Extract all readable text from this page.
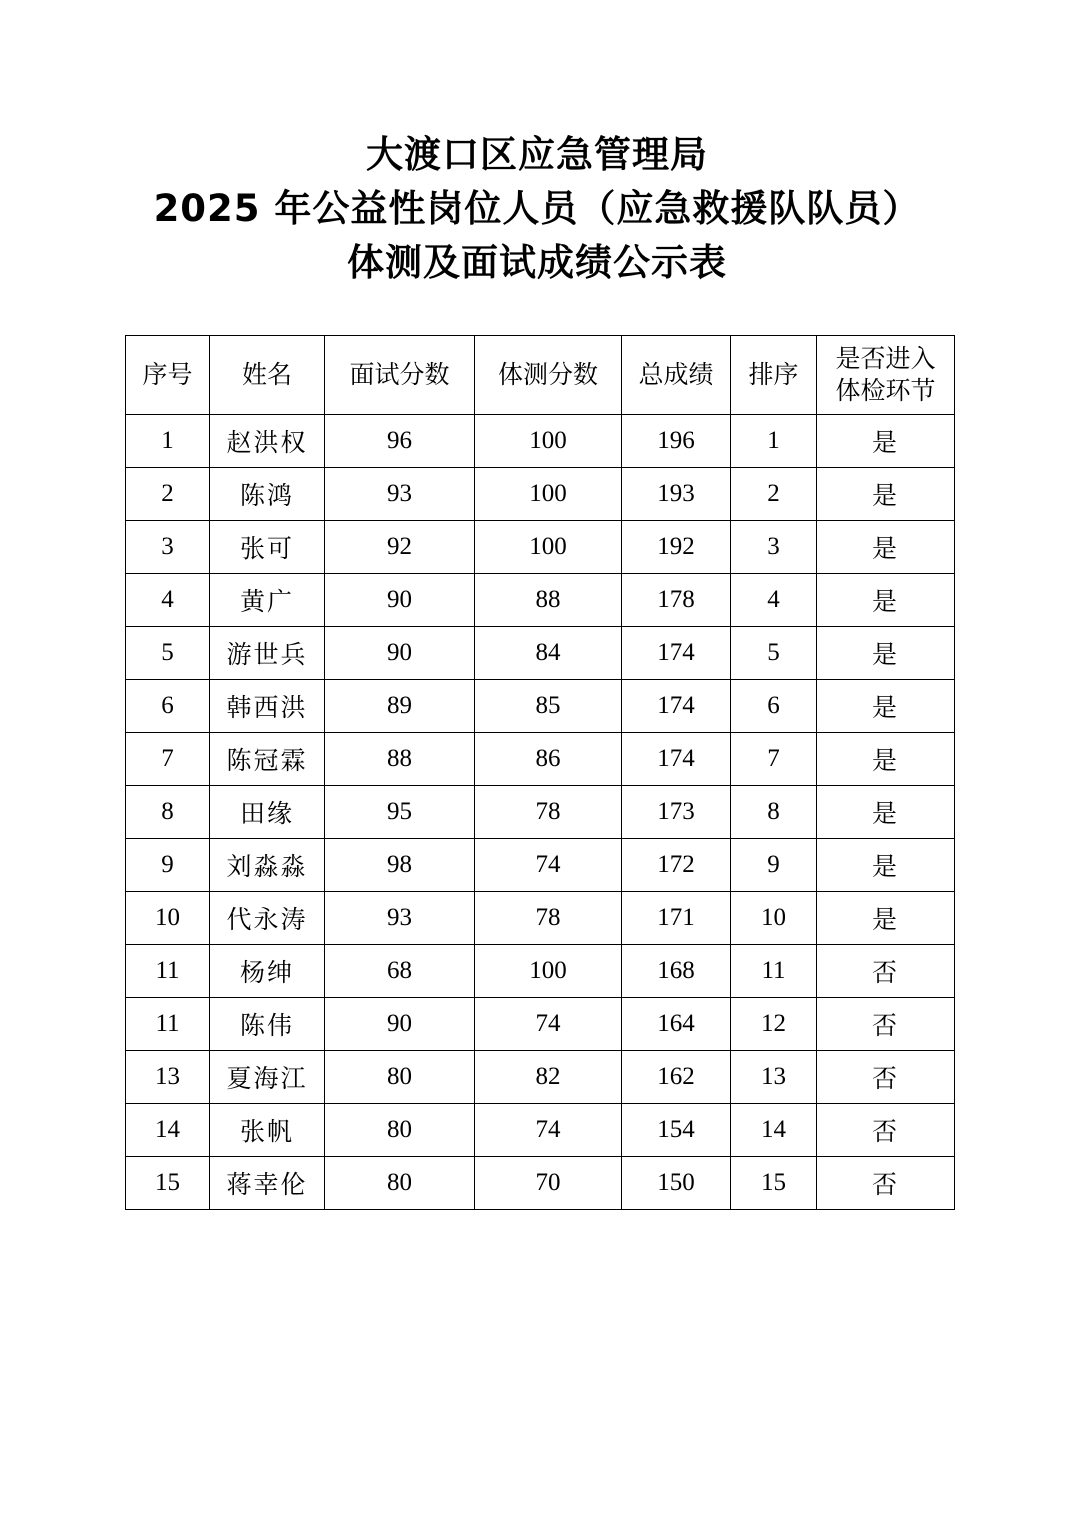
大渡口区应急管理局
2025 年公益性岗位人员（应急救援队队员）
体测及面试成绩公示表
序号	姓名	面试分数	体测分数	总成绩	排序	是否进入
体检环节
1	赵洪权	96	100	196	1	是
2	陈鸿	93	100	193	2	是
3	张可	92	100	192	3	是
4	黄广	90	88	178	4	是
5	游世兵	90	84	174	5	是
6	韩西洪	89	85	174	6	是
7	陈冠霖	88	86	174	7	是
8	田缘	95	78	173	8	是
9	刘淼淼	98	74	172	9	是
10	代永涛	93	78	171	10	是
11	杨绅	68	100	168	11	否
11	陈伟	90	74	164	12	否
13	夏海江	80	82	162	13	否
14	张帆	80	74	154	14	否
15	蒋幸伦	80	70	150	15	否
